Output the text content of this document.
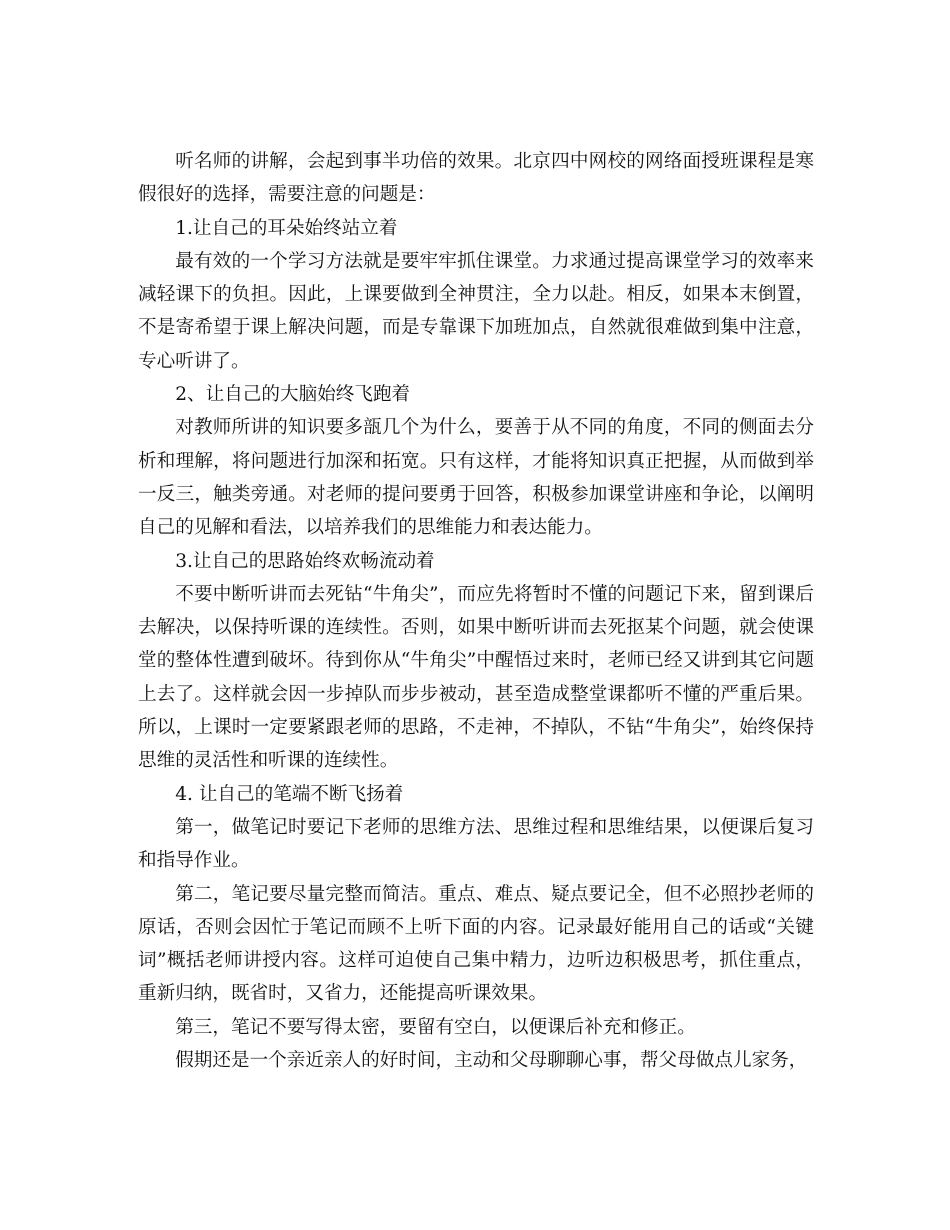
听名师的讲解，会起到事半功倍的效果。北京四中网校的网络面授班课程是寒假很好的选择，需要注意的问题是：

1.让自己的耳朵始终站立着

最有效的一个学习方法就是要牢牢抓住课堂。力求通过提高课堂学习的效率来减轻课下的负担。因此，上课要做到全神贯注，全力以赴。相反，如果本末倒置，不是寄希望于课上解决问题，而是专靠课下加班加点，自然就很难做到集中注意，专心听讲了。

2、让自己的大脑始终飞跑着

对教师所讲的知识要多瓿几个为什么，要善于从不同的角度，不同的侧面去分析和理解，将问题进行加深和拓宽。只有这样，才能将知识真正把握，从而做到举一反三，触类旁通。对老师的提问要勇于回答，积极参加课堂讲座和争论，以阐明自己的见解和看法，以培养我们的思维能力和表达能力。

3.让自己的思路始终欢畅流动着

不要中断听讲而去死钻“牛角尖”，而应先将暂时不懂的问题记下来，留到课后去解决，以保持听课的连续性。否则，如果中断听讲而去死抠某个问题，就会使课堂的整体性遭到破坏。待到你从“牛角尖”中醒悟过来时，老师已经又讲到其它问题上去了。这样就会因一步掉队而步步被动，甚至造成整堂课都听不懂的严重后果。所以，上课时一定要紧跟老师的思路，不走神，不掉队，不钻“牛角尖”，始终保持思维的灵活性和听课的连续性。

4. 让自己的笔端不断飞扬着

第一，做笔记时要记下老师的思维方法、思维过程和思维结果，以便课后复习和指导作业。

第二，笔记要尽量完整而简洁。重点、难点、疑点要记全，但不必照抄老师的原话，否则会因忙于笔记而顾不上听下面的内容。记录最好能用自己的话或“关键词”概括老师讲授内容。这样可迫使自己集中精力，边听边积极思考，抓住重点，重新归纳，既省时，又省力，还能提高听课效果。

第三，笔记不要写得太密，要留有空白，以便课后补充和修正。

假期还是一个亲近亲人的好时间，主动和父母聊聊心事，帮父母做点儿家务，
